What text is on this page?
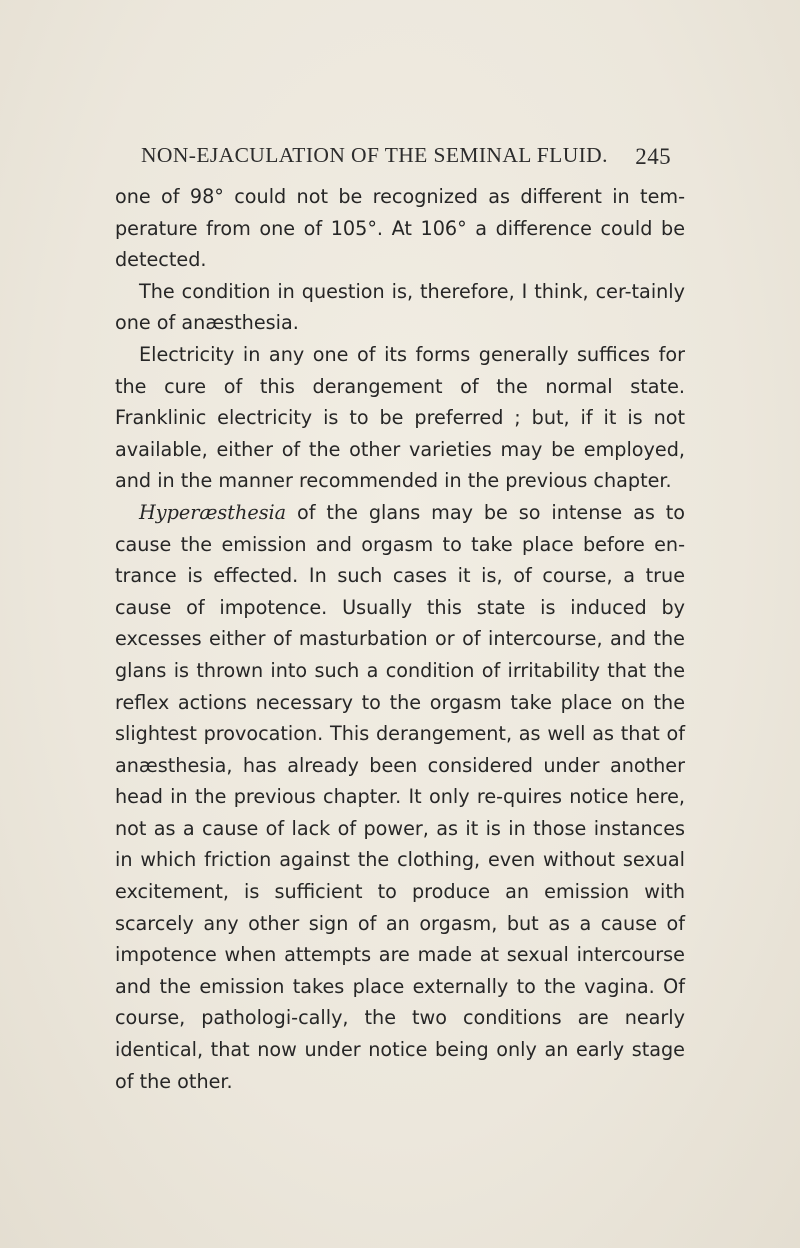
NON-EJACULATION OF THE SEMINAL FLUID. 245

one of 98° could not be recognized as different in tem-perature from one of 105°. At 106° a difference could be detected.

The condition in question is, therefore, I think, cer-tainly one of anæsthesia.

Electricity in any one of its forms generally suffices for the cure of this derangement of the normal state. Franklinic electricity is to be preferred ; but, if it is not available, either of the other varieties may be employed, and in the manner recommended in the previous chapter.

Hyperæsthesia of the glans may be so intense as to cause the emission and orgasm to take place before en-trance is effected. In such cases it is, of course, a true cause of impotence. Usually this state is induced by excesses either of masturbation or of intercourse, and the glans is thrown into such a condition of irritability that the reflex actions necessary to the orgasm take place on the slightest provocation. This derangement, as well as that of anæsthesia, has already been considered under another head in the previous chapter. It only re-quires notice here, not as a cause of lack of power, as it is in those instances in which friction against the clothing, even without sexual excitement, is sufficient to produce an emission with scarcely any other sign of an orgasm, but as a cause of impotence when attempts are made at sexual intercourse and the emission takes place externally to the vagina. Of course, pathologi-cally, the two conditions are nearly identical, that now under notice being only an early stage of the other.
